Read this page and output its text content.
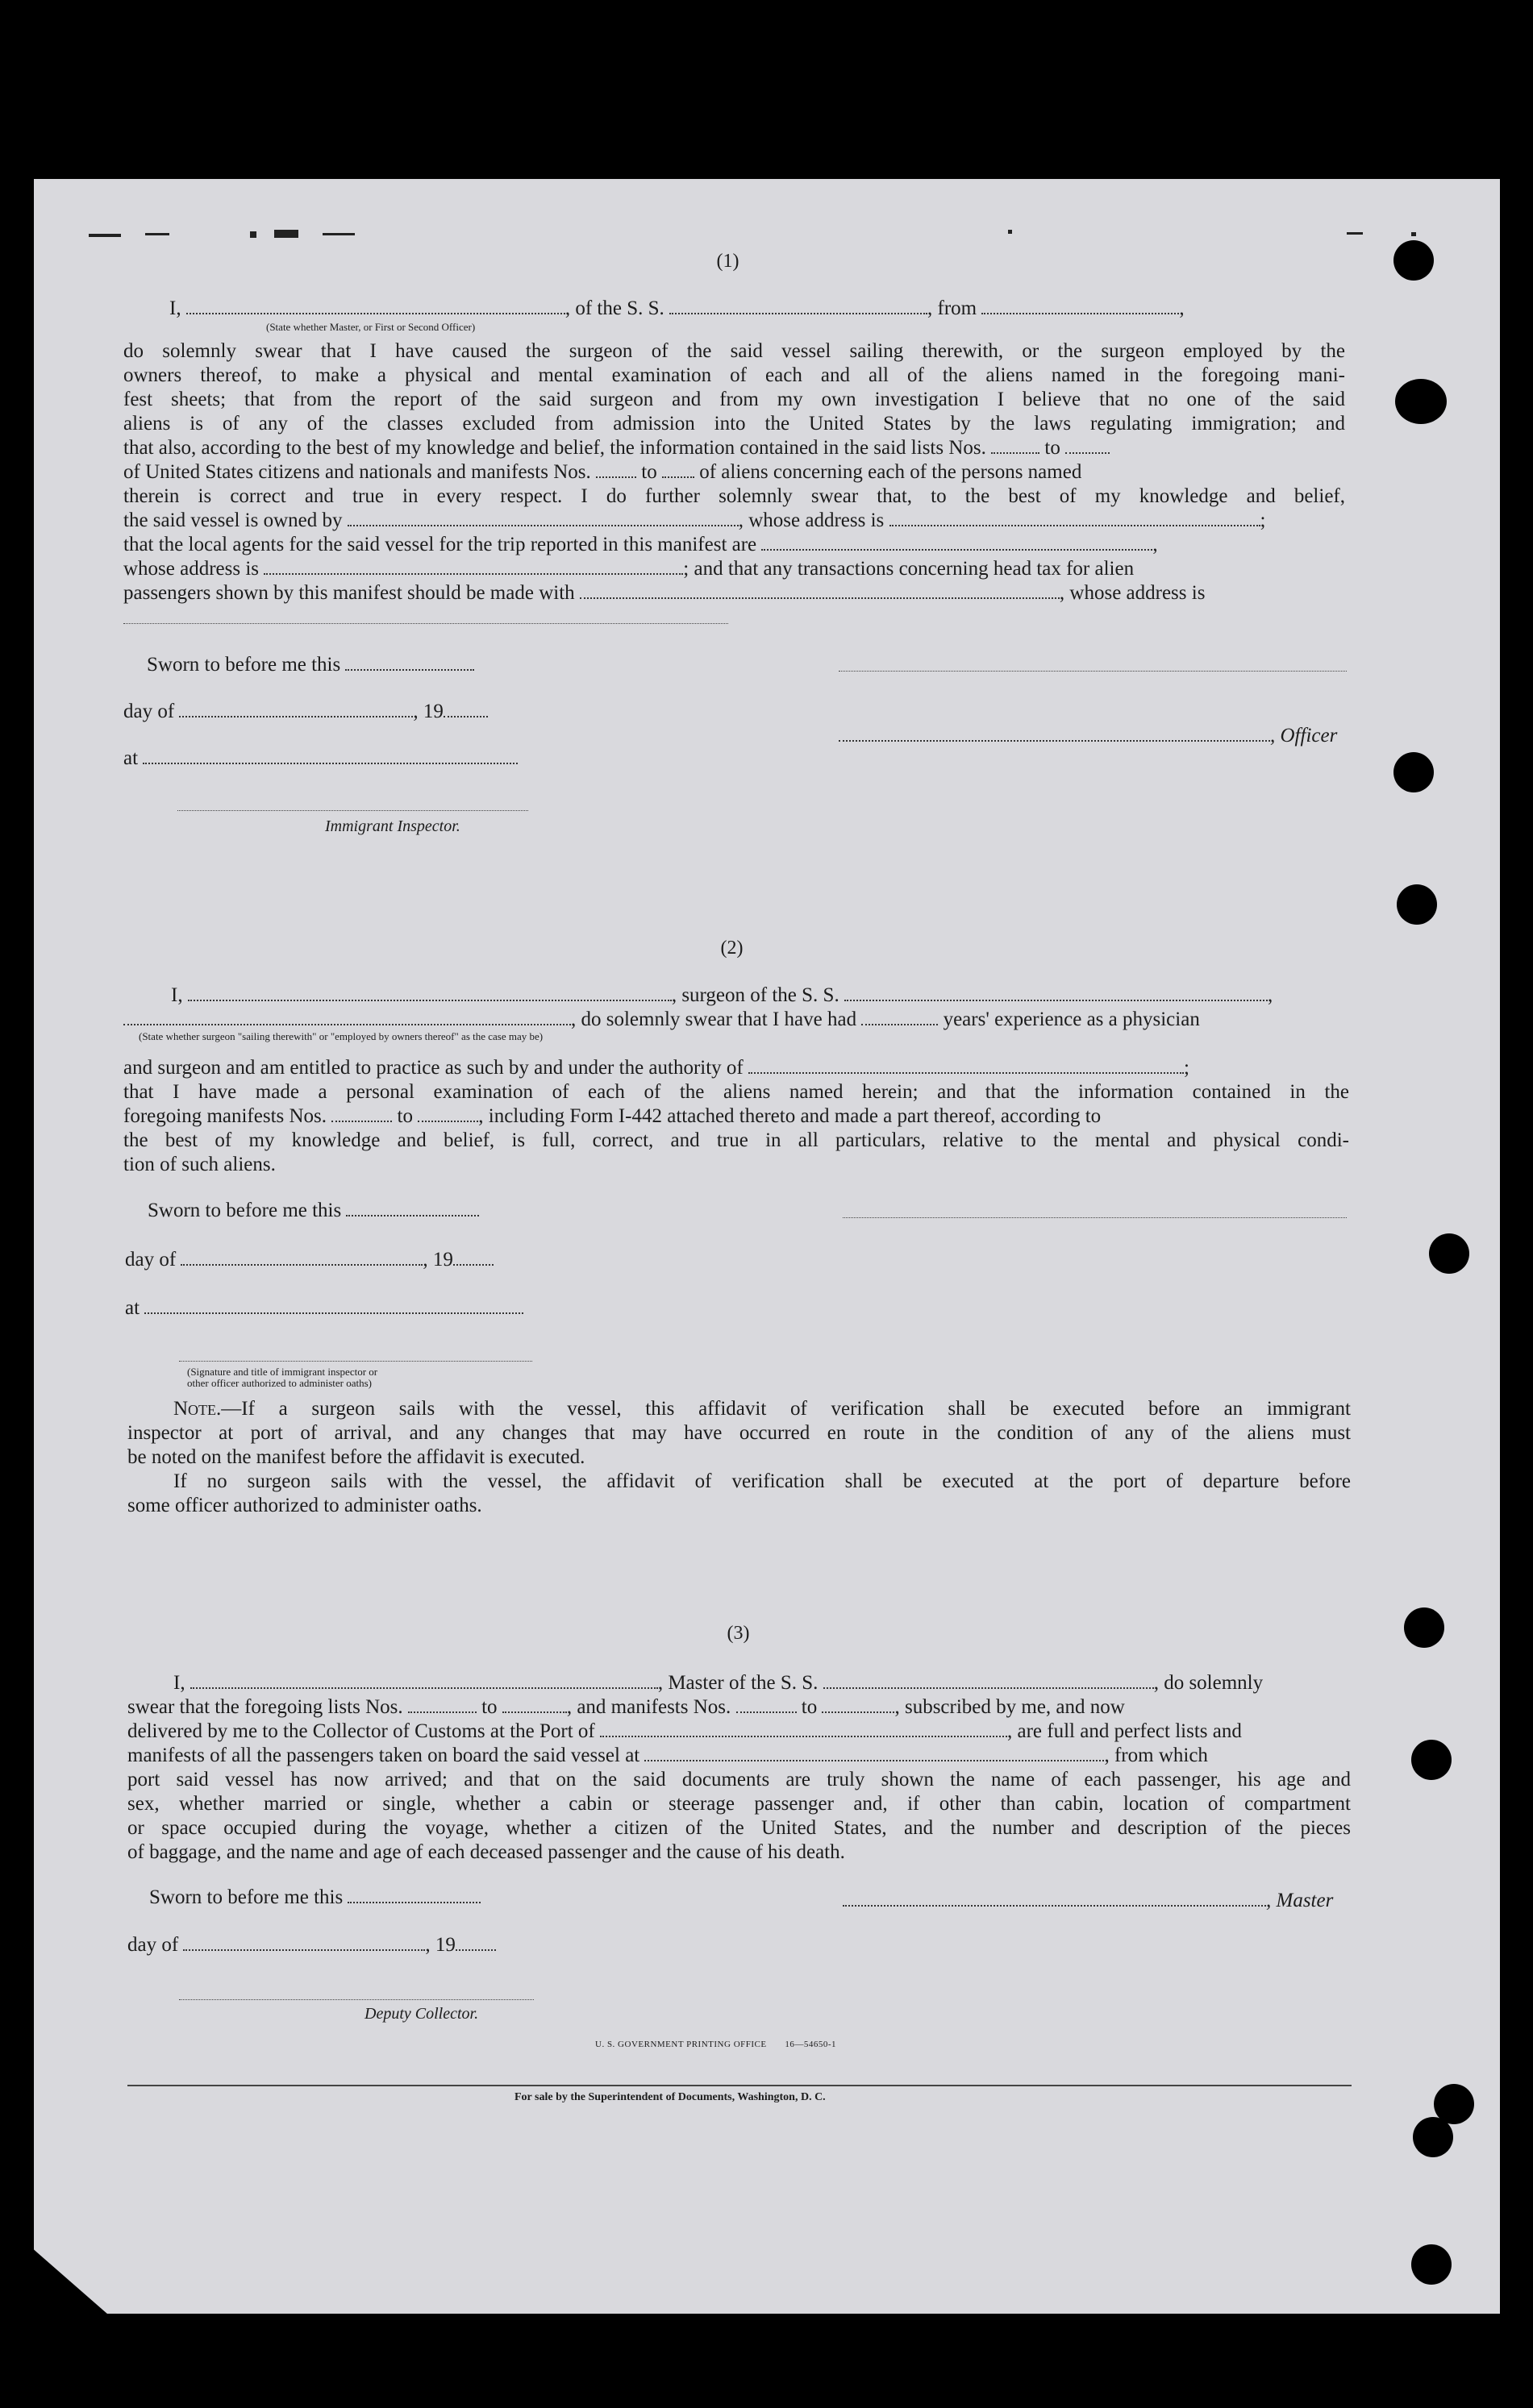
(1)
I,	, of the S. S.	, from	,
(State whether Master, or First or Second Officer)
do solemnly swear that I have caused the surgeon of the said vessel sailing therewith, or the surgeon employed by the
owners thereof, to make a physical and mental examination of each and all of the aliens named in the foregoing mani-
fest sheets; that from the report of the said surgeon and from my own investigation I believe that no one of the said
aliens is of any of the classes excluded from admission into the United States by the laws regulating immigration; and
that also, according to the best of my knowledge and belief, the information contained in the said lists Nos.	to
of United States citizens and nationals and manifests Nos.	to of aliens concerning each of the persons named
therein is correct and true in every respect. I do further solemnly swear that, to the best of my knowledge and belief,
the said vessel is owned by	, whose address is	;
that the local agents for the said vessel for the trip reported in this manifest are	,
whose address is	; and that any transactions concerning head tax for alien
passengers shown by this manifest should be made with	, whose address is
Sworn to before me this
day of	, 19
, Officer
at
Immigrant Inspector.
(2)
I,	, surgeon of the S. S.	,
, do solemnly swear that I have had	years' experience as a physician
(State whether surgeon "sailing therewith" or "employed by owners thereof" as the case may be)
and surgeon and am entitled to practice as such by and under the authority of	;
that I have made a personal examination of each of the aliens named herein; and that the information contained in the
foregoing manifests Nos.	to	, including Form I-442 attached thereto and made a part thereof, according to
the best of my knowledge and belief, is full, correct, and true in all particulars, relative to the mental and physical condi-
tion of such aliens.
Sworn to before me this
day of	, 19
at
(Signature and title of immigrant inspector or
other officer authorized to administer oaths)
Note.—If a surgeon sails with the vessel, this affidavit of verification shall be executed before an immigrant
inspector at port of arrival, and any changes that may have occurred en route in the condition of any of the aliens must
be noted on the manifest before the affidavit is executed.
If no surgeon sails with the vessel, the affidavit of verification shall be executed at the port of departure before
some officer authorized to administer oaths.
(3)
I,	, Master of the S. S.	, do solemnly
swear that the foregoing lists Nos.	to	, and manifests Nos.	to	, subscribed by me, and now
delivered by me to the Collector of Customs at the Port of	, are full and perfect lists and
manifests of all the passengers taken on board the said vessel at	, from which
port said vessel has now arrived; and that on the said documents are truly shown the name of each passenger, his age and
sex, whether married or single, whether a cabin or steerage passenger and, if other than cabin, location of compartment
or space occupied during the voyage, whether a citizen of the United States, and the number and description of the pieces
of baggage, and the name and age of each deceased passenger and the cause of his death.
Sworn to before me this	, Master
day of	, 19
Deputy Collector.
U. S. GOVERNMENT PRINTING OFFICE       16—54650-1
For sale by the Superintendent of Documents, Washington, D. C.
